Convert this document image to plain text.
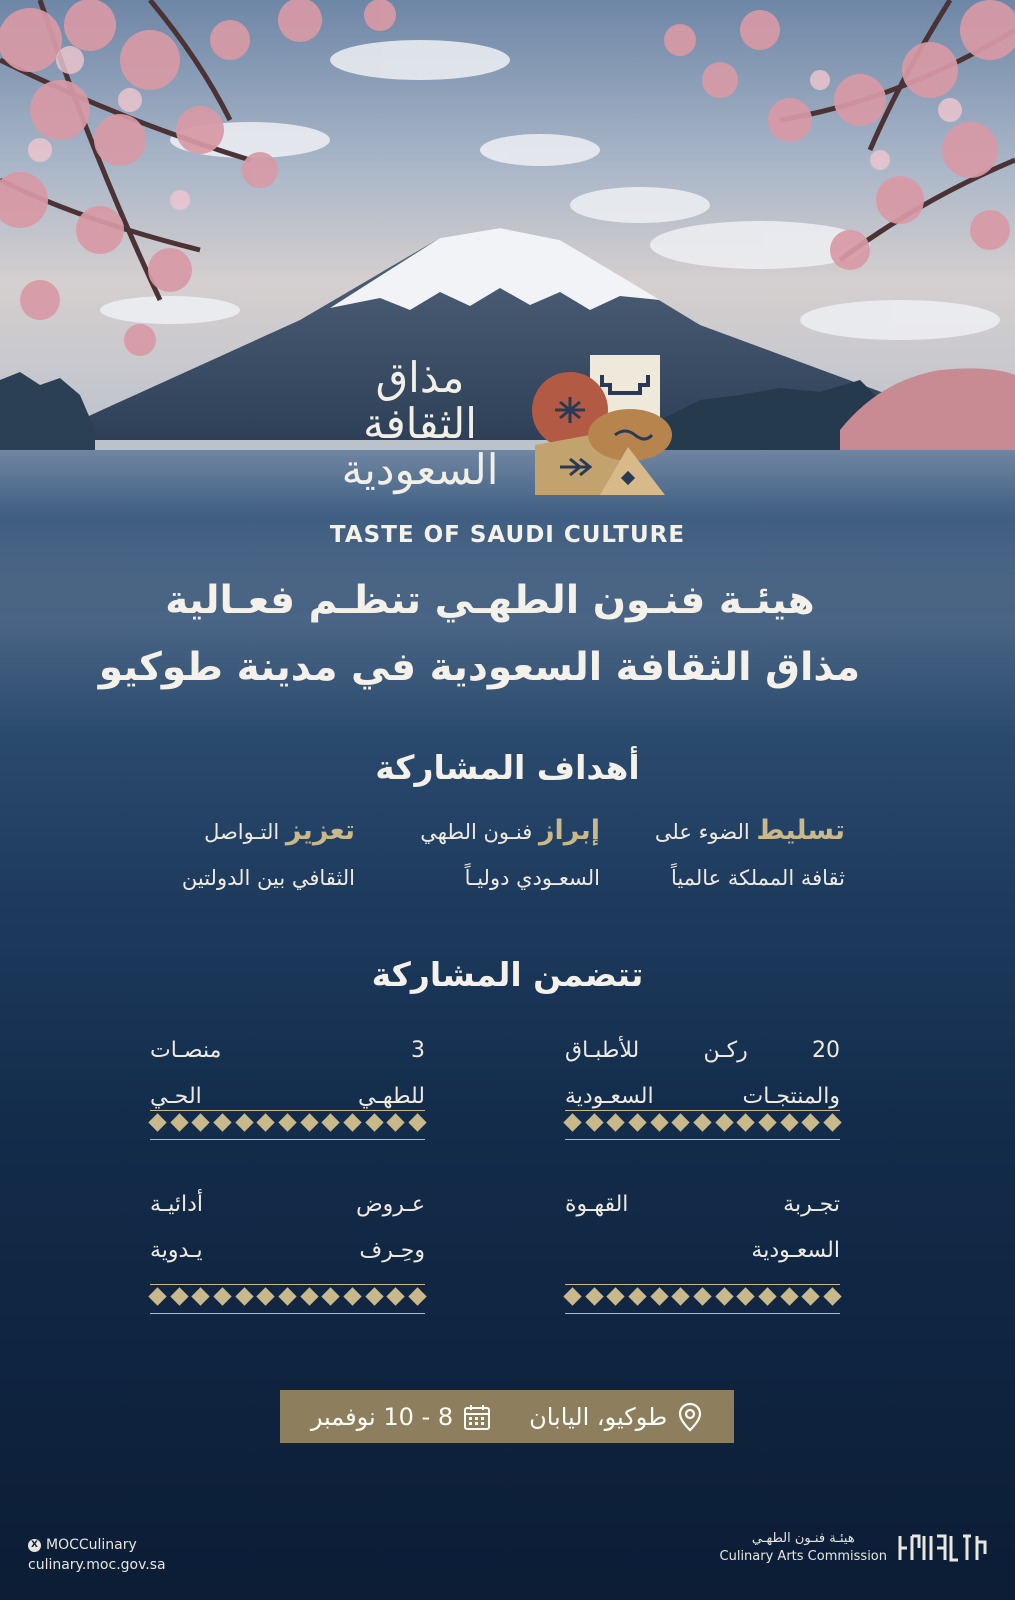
مذاق
الثقافة
السعودية
TASTE OF SAUDI CULTURE
هيئـة فنـون الطهـي تنظـم فعـالية
مذاق الثقافة السعودية في مدينة طوكيو
أهداف المشاركة
تسليط الضوء على
ثقافة المملكة عالمياً
إبراز فنـون الطهي
السعـودي دوليـاً
تعزيز التـواصل
الثقافي بين الدولتين
تتضمن المشاركة
20 ركـن للأطبـاق
والمنتجـات السعـودية
3 منصـات
للطهـي الحـي
تجـربة القهـوة
السعـودية
عـروض أدائيـة
وحِـرف يـدوية
طوكيو، اليابان
8 - 10 نوفمبر
X MOCCulinary
culinary.moc.gov.sa
هيئـة فنـون الطهـي
Culinary Arts Commission
